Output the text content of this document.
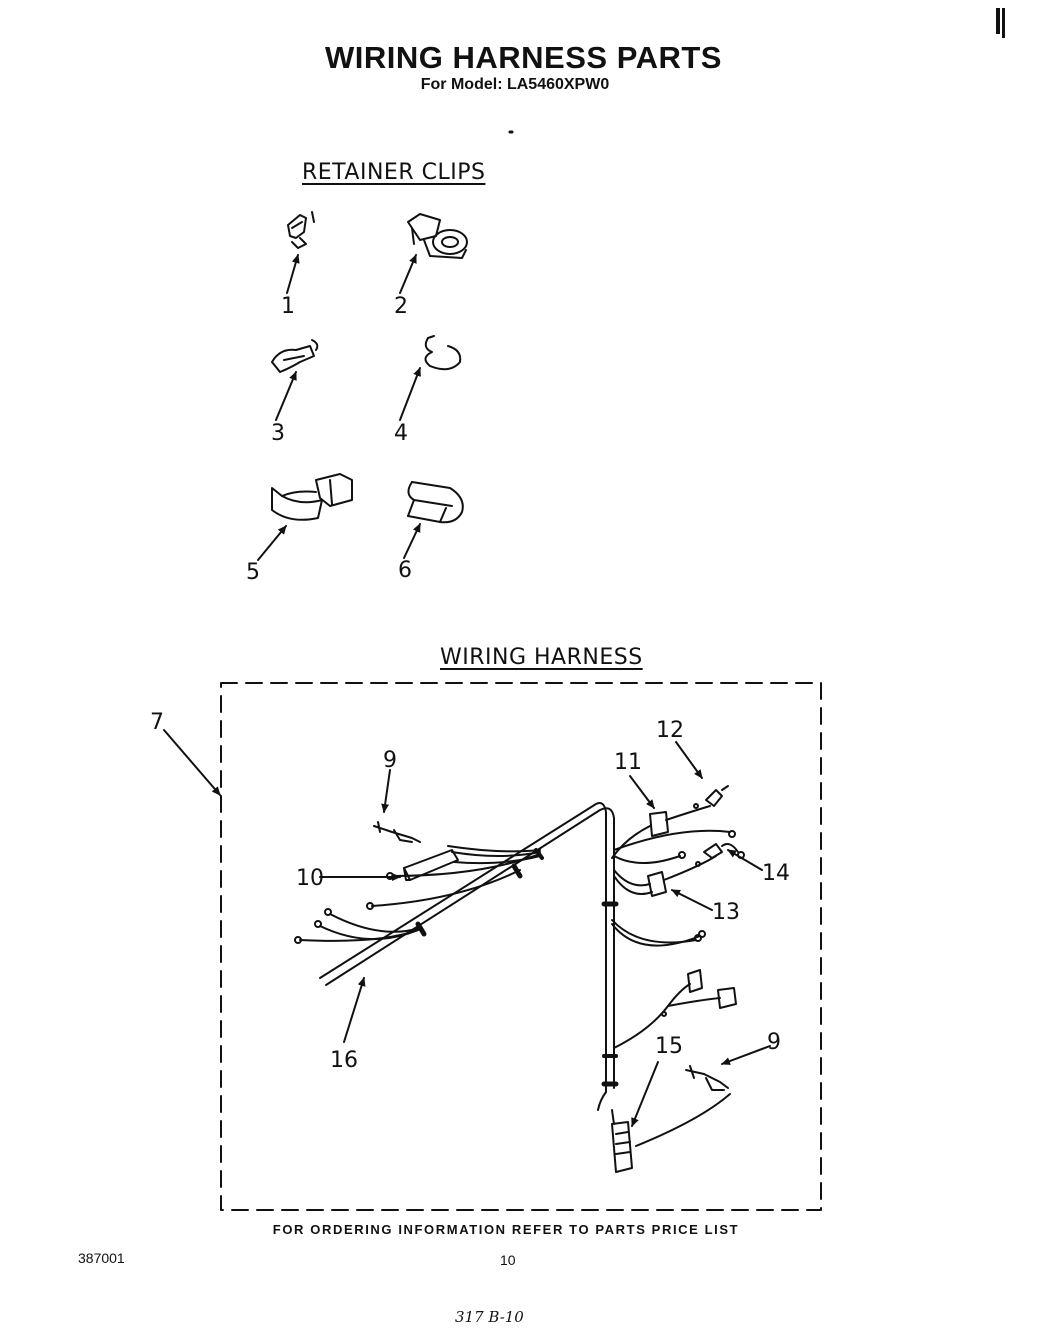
WIRING HARNESS PARTS
For Model: LA5460XPW0
RETAINER CLIPS
WIRING HARNESS
1	2
3	4
5	6
7
9
10
11
12
13
14
15	9
16
FOR ORDERING INFORMATION REFER TO PARTS PRICE LIST
387001	10
317 B-10
